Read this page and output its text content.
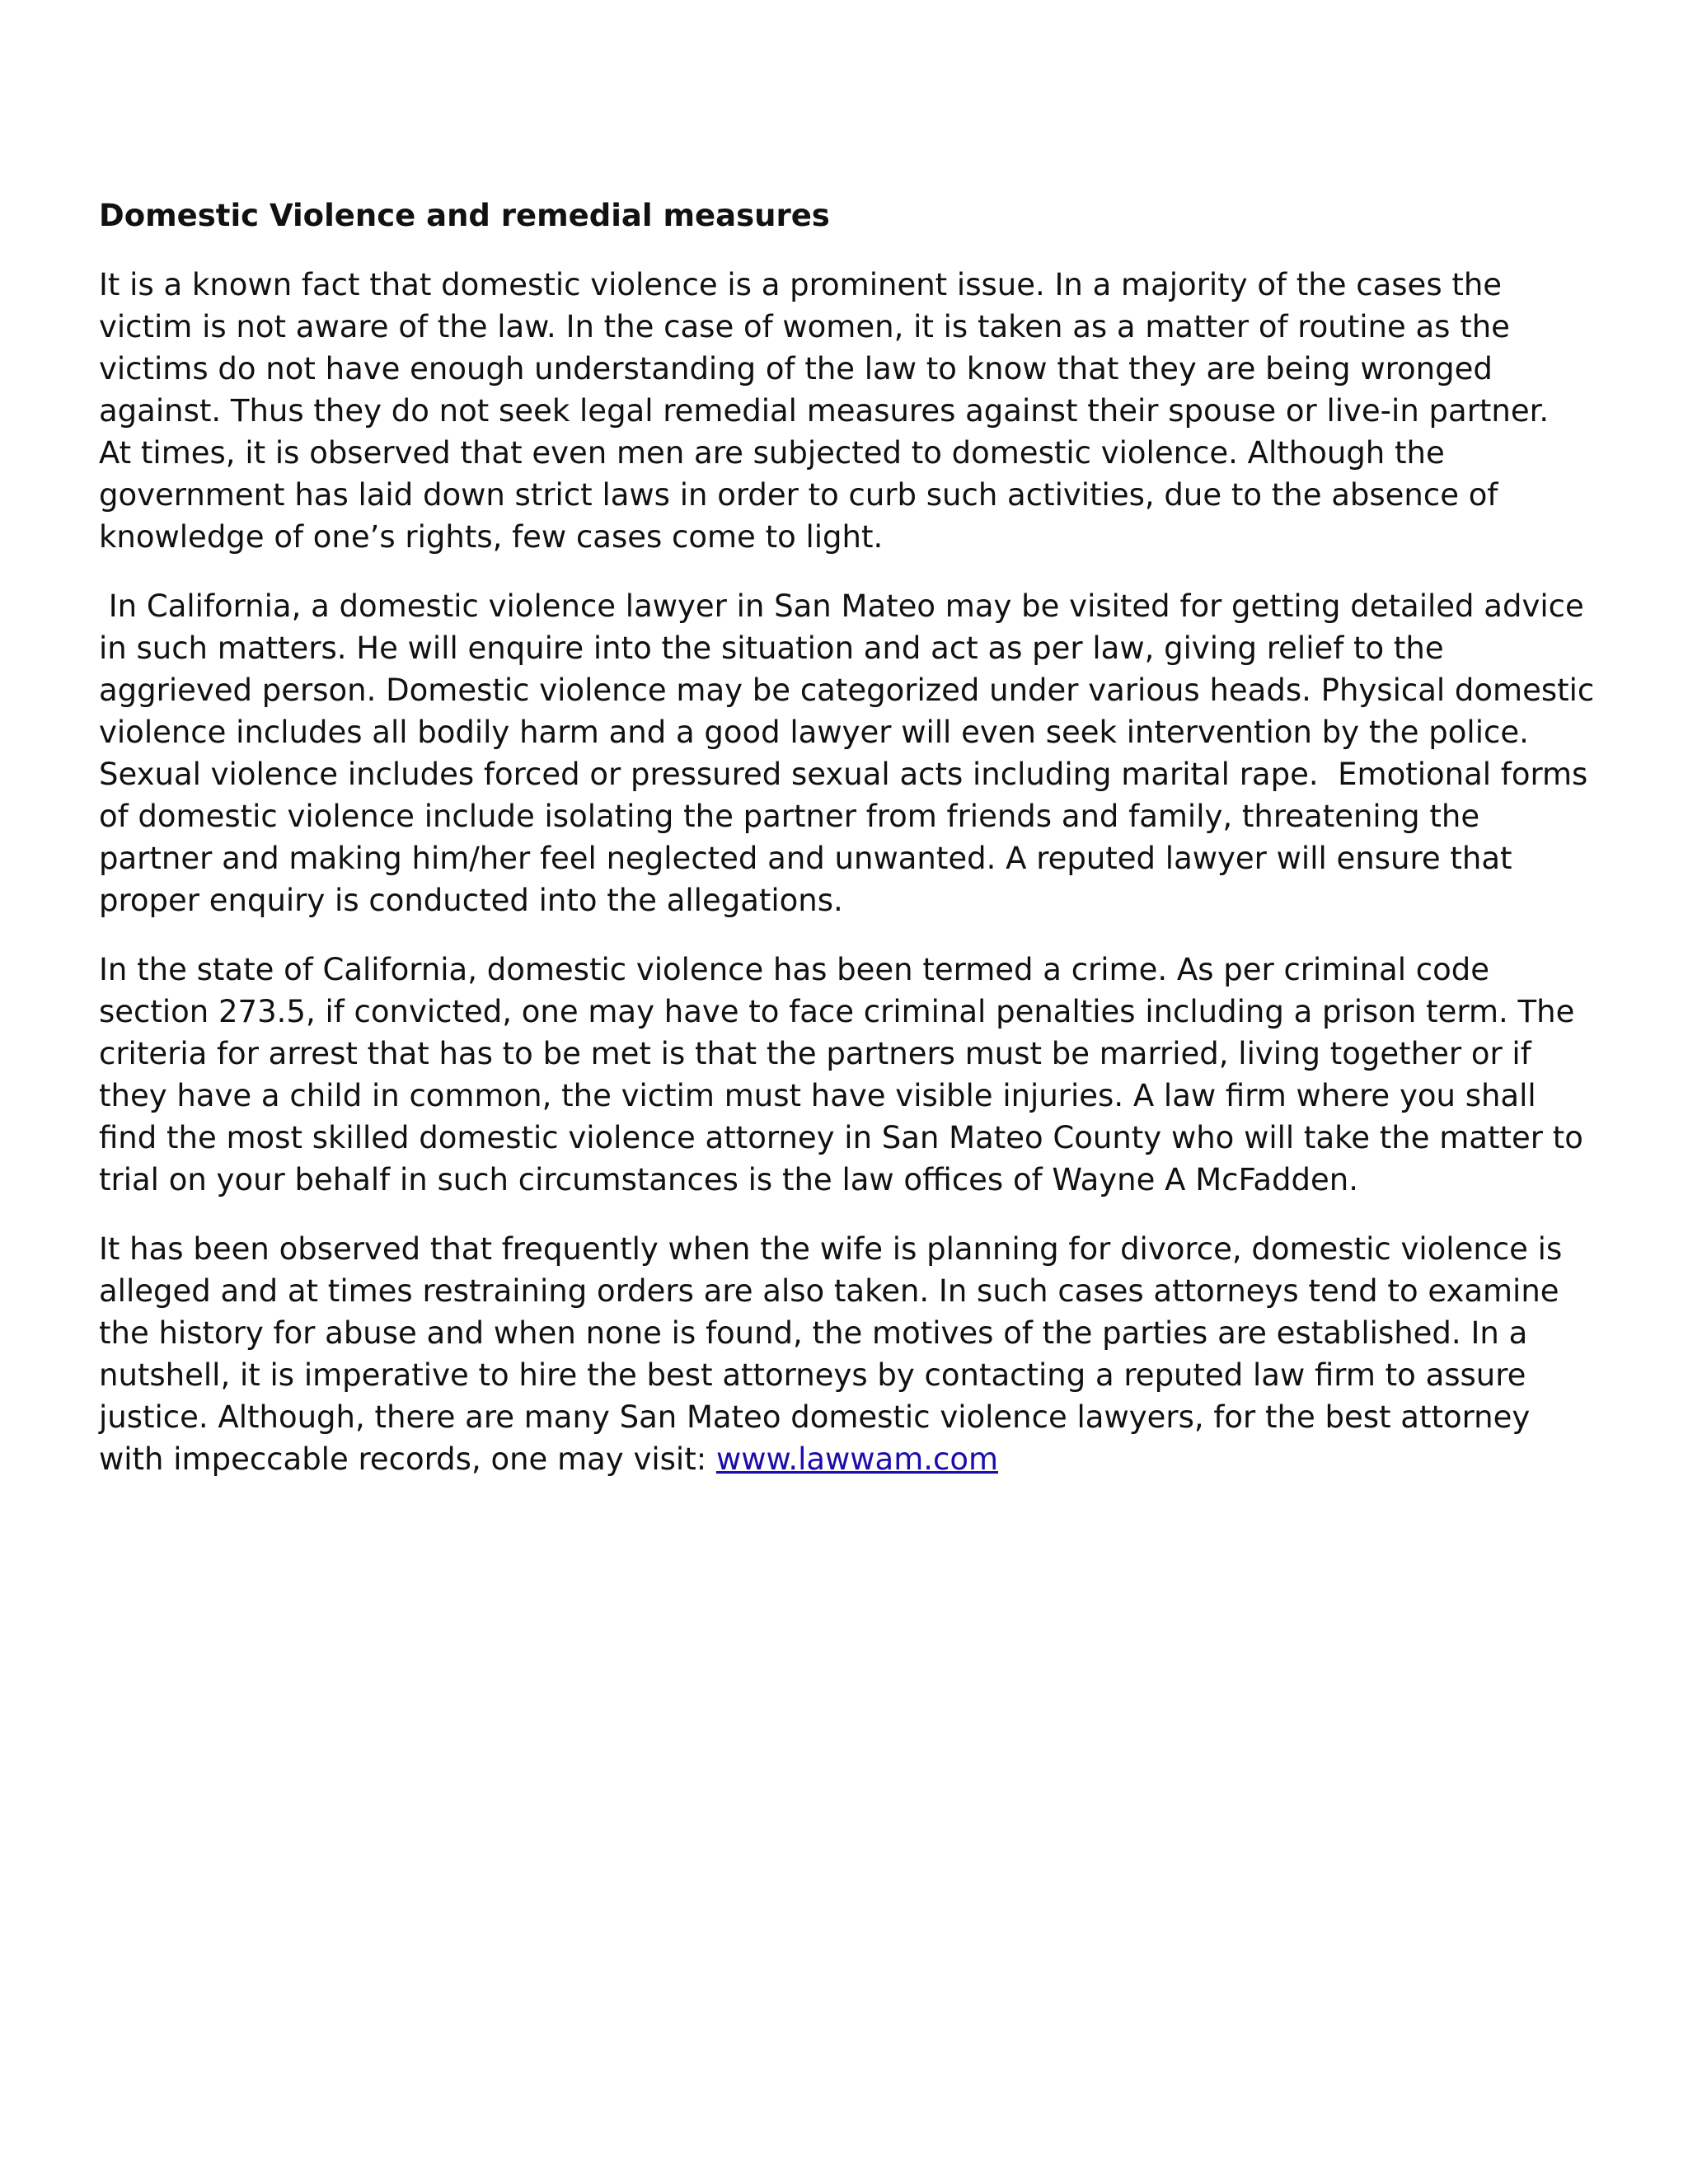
Domestic Violence and remedial measures
It is a known fact that domestic violence is a prominent issue. In a majority of the cases the
victim is not aware of the law. In the case of women, it is taken as a matter of routine as the
victims do not have enough understanding of the law to know that they are being wronged
against. Thus they do not seek legal remedial measures against their spouse or live-in partner.
At times, it is observed that even men are subjected to domestic violence. Although the
government has laid down strict laws in order to curb such activities, due to the absence of
knowledge of one’s rights, few cases come to light.
In California, a domestic violence lawyer in San Mateo may be visited for getting detailed advice
in such matters. He will enquire into the situation and act as per law, giving relief to the
aggrieved person. Domestic violence may be categorized under various heads. Physical domestic
violence includes all bodily harm and a good lawyer will even seek intervention by the police.
Sexual violence includes forced or pressured sexual acts including marital rape.  Emotional forms
of domestic violence include isolating the partner from friends and family, threatening the
partner and making him/her feel neglected and unwanted. A reputed lawyer will ensure that
proper enquiry is conducted into the allegations.
In the state of California, domestic violence has been termed a crime. As per criminal code
section 273.5, if convicted, one may have to face criminal penalties including a prison term. The
criteria for arrest that has to be met is that the partners must be married, living together or if
they have a child in common, the victim must have visible injuries. A law firm where you shall
find the most skilled domestic violence attorney in San Mateo County who will take the matter to
trial on your behalf in such circumstances is the law offices of Wayne A McFadden.
It has been observed that frequently when the wife is planning for divorce, domestic violence is
alleged and at times restraining orders are also taken. In such cases attorneys tend to examine
the history for abuse and when none is found, the motives of the parties are established. In a
nutshell, it is imperative to hire the best attorneys by contacting a reputed law firm to assure
justice. Although, there are many San Mateo domestic violence lawyers, for the best attorney
with impeccable records, one may visit: www.lawwam.com
